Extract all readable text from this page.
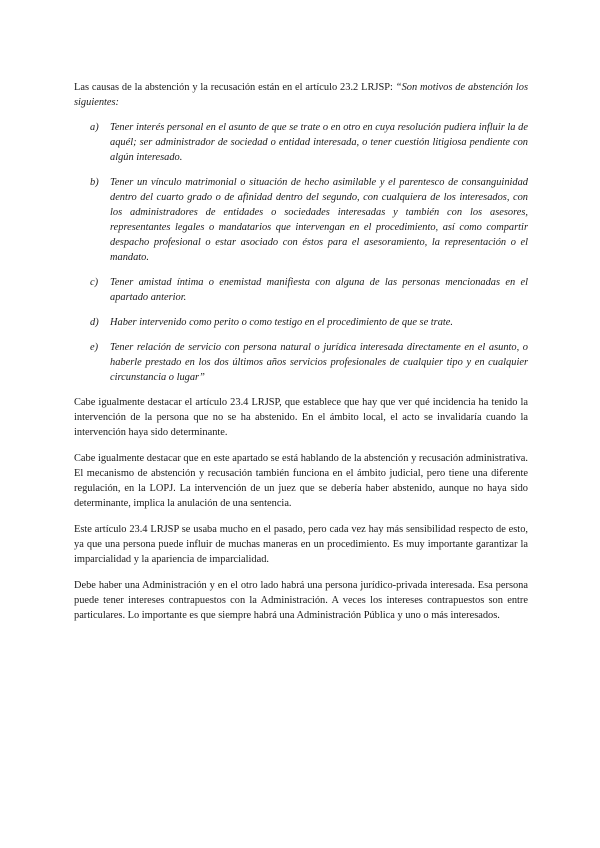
Las causas de la abstención y la recusación están en el artículo 23.2 LRJSP: “Son motivos de abstención los siguientes:

a) Tener interés personal en el asunto de que se trate o en otro en cuya resolución pudiera influir la de aquél; ser administrador de sociedad o entidad interesada, o tener cuestión litigiosa pendiente con algún interesado.
b) Tener un vínculo matrimonial o situación de hecho asimilable y el parentesco de consanguinidad dentro del cuarto grado o de afinidad dentro del segundo, con cualquiera de los interesados, con los administradores de entidades o sociedades interesadas y también con los asesores, representantes legales o mandatarios que intervengan en el procedimiento, así como compartir despacho profesional o estar asociado con éstos para el asesoramiento, la representación o el mandato.
c) Tener amistad íntima o enemistad manifiesta con alguna de las personas mencionadas en el apartado anterior.
d) Haber intervenido como perito o como testigo en el procedimiento de que se trate.
e) Tener relación de servicio con persona natural o jurídica interesada directamente en el asunto, o haberle prestado en los dos últimos años servicios profesionales de cualquier tipo y en cualquier circunstancia o lugar”

Cabe igualmente destacar el artículo 23.4 LRJSP, que establece que hay que ver qué incidencia ha tenido la intervención de la persona que no se ha abstenido. En el ámbito local, el acto se invalidaría cuando la intervención haya sido determinante.

Cabe igualmente destacar que en este apartado se está hablando de la abstención y recusación administrativa. El mecanismo de abstención y recusación también funciona en el ámbito judicial, pero tiene una diferente regulación, en la LOPJ. La intervención de un juez que se debería haber abstenido, aunque no haya sido determinante, implica la anulación de una sentencia.

Este artículo 23.4 LRJSP se usaba mucho en el pasado, pero cada vez hay más sensibilidad respecto de esto, ya que una persona puede influir de muchas maneras en un procedimiento. Es muy importante garantizar la imparcialidad y la apariencia de imparcialidad.

Debe haber una Administración y en el otro lado habrá una persona jurídico-privada interesada. Esa persona puede tener intereses contrapuestos con la Administración. A veces los intereses contrapuestos son entre particulares. Lo importante es que siempre habrá una Administración Pública y uno o más interesados.
